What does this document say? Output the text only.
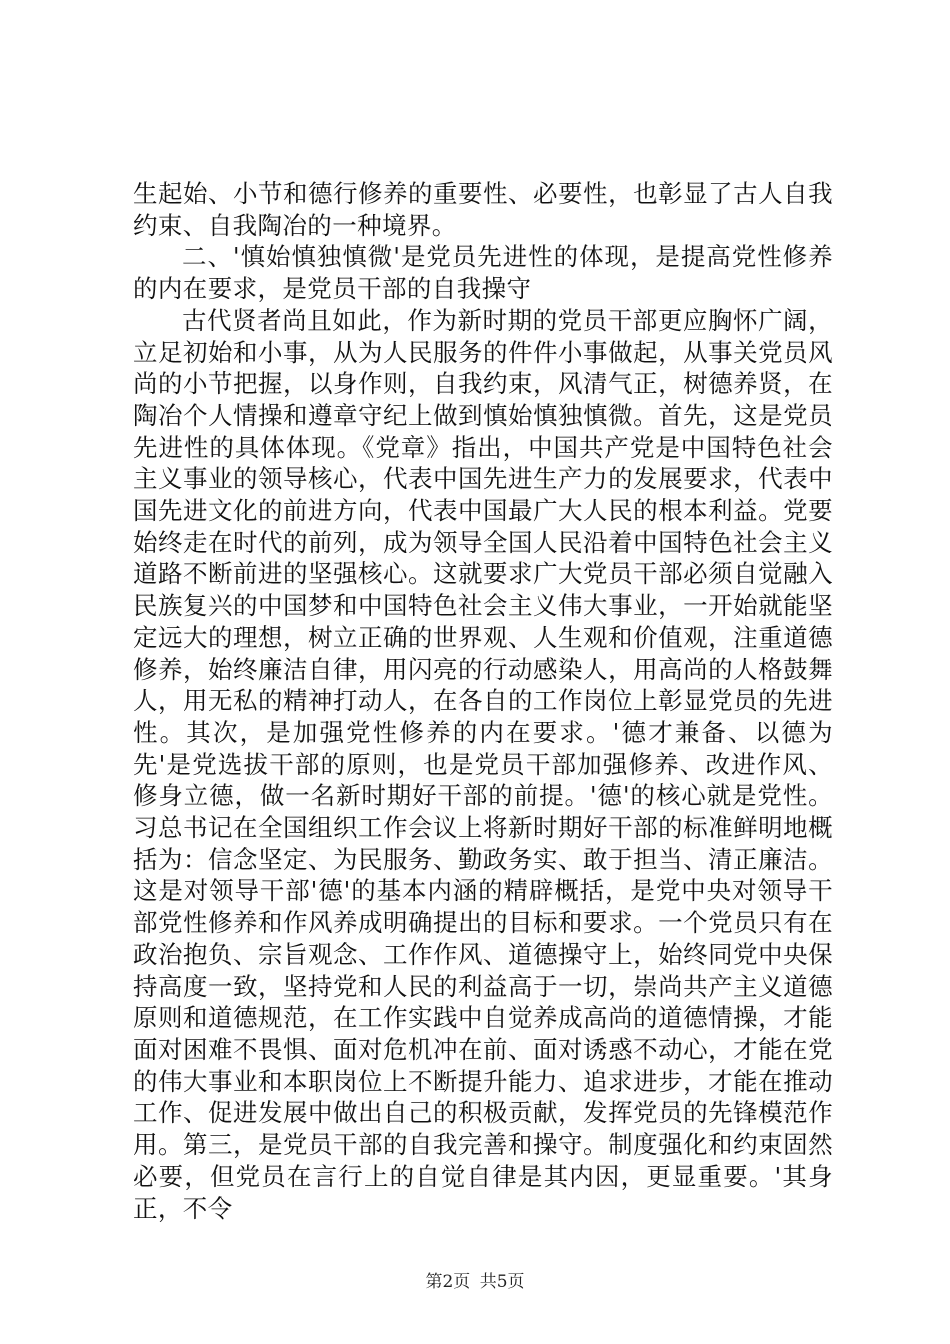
生起始、小节和德行修养的重要性、必要性，也彰显了古人自我约束、自我陶冶的一种境界。

二、'慎始慎独慎微'是党员先进性的体现，是提高党性修养的内在要求，是党员干部的自我操守

古代贤者尚且如此，作为新时期的党员干部更应胸怀广阔，立足初始和小事，从为人民服务的件件小事做起，从事关党员风尚的小节把握，以身作则，自我约束，风清气正，树德养贤，在陶冶个人情操和遵章守纪上做到慎始慎独慎微。首先，这是党员先进性的具体体现。《党章》指出，中国共产党是中国特色社会主义事业的领导核心，代表中国先进生产力的发展要求，代表中国先进文化的前进方向，代表中国最广大人民的根本利益。党要始终走在时代的前列，成为领导全国人民沿着中国特色社会主义道路不断前进的坚强核心。这就要求广大党员干部必须自觉融入民族复兴的中国梦和中国特色社会主义伟大事业，一开始就能坚定远大的理想，树立正确的世界观、人生观和价值观，注重道德修养，始终廉洁自律，用闪亮的行动感染人，用高尚的人格鼓舞人，用无私的精神打动人，在各自的工作岗位上彰显党员的先进性。其次，是加强党性修养的内在要求。'德才兼备、以德为先'是党选拔干部的原则，也是党员干部加强修养、改进作风、修身立德，做一名新时期好干部的前提。'德'的核心就是党性。习总书记在全国组织工作会议上将新时期好干部的标准鲜明地概括为：信念坚定、为民服务、勤政务实、敢于担当、清正廉洁。这是对领导干部'德'的基本内涵的精辟概括，是党中央对领导干部党性修养和作风养成明确提出的目标和要求。一个党员只有在政治抱负、宗旨观念、工作作风、道德操守上，始终同党中央保持高度一致，坚持党和人民的利益高于一切，崇尚共产主义道德原则和道德规范，在工作实践中自觉养成高尚的道德情操，才能面对困难不畏惧、面对危机冲在前、面对诱惑不动心，才能在党的伟大事业和本职岗位上不断提升能力、追求进步，才能在推动工作、促进发展中做出自己的积极贡献，发挥党员的先锋模范作用。第三，是党员干部的自我完善和操守。制度强化和约束固然必要，但党员在言行上的自觉自律是其内因，更显重要。'其身正，不令

第2页 共5页
